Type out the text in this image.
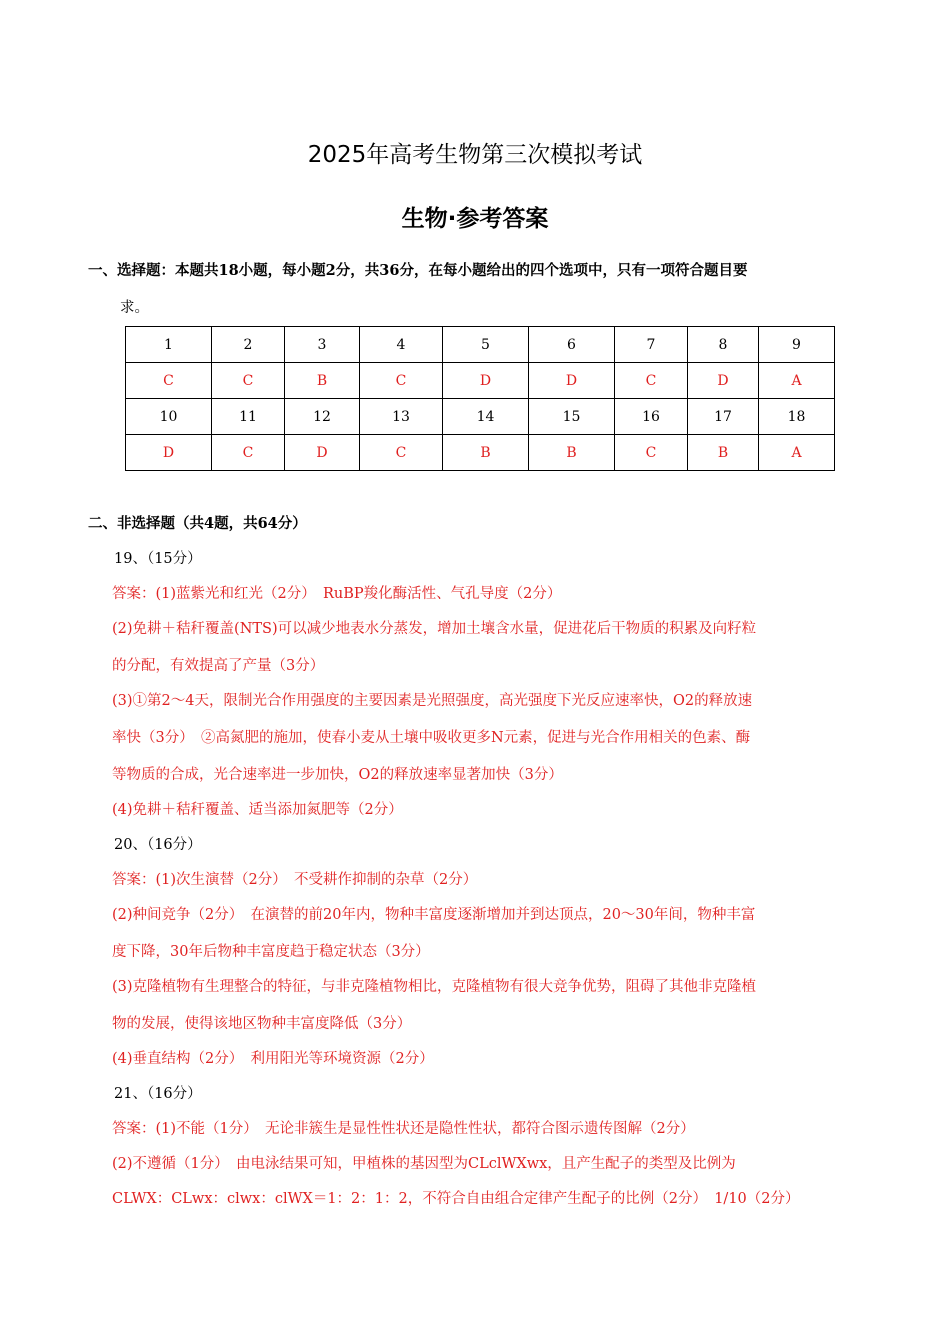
2025年高考生物第三次模拟考试
生物·参考答案
一、选择题：本题共18小题，每小题2分，共36分，在每小题给出的四个选项中，只有一项符合题目要
求。
1	2	3	4	5	6	7	8	9
C	C	B	C	D	D	C	D	A
10	11	12	13	14	15	16	17	18
D	C	D	C	B	B	C	B	A
二、非选择题（共4题，共64分）
19、（15分）
答案：(1)蓝紫光和红光（2分）　RuBP羧化酶活性、气孔导度（2分）
(2)免耕＋秸秆覆盖(NTS)可以减少地表水分蒸发，增加土壤含水量，促进花后干物质的积累及向籽粒
的分配，有效提高了产量（3分）
(3)①第2～4天，限制光合作用强度的主要因素是光照强度，高光强度下光反应速率快，O2的释放速
率快（3分）　②高氮肥的施加，使春小麦从土壤中吸收更多N元素，促进与光合作用相关的色素、酶
等物质的合成，光合速率进一步加快，O2的释放速率显著加快（3分）
(4)免耕＋秸秆覆盖、适当添加氮肥等（2分）
20、（16分）
答案：(1)次生演替（2分）　不受耕作抑制的杂草（2分）
(2)种间竞争（2分）　在演替的前20年内，物种丰富度逐渐增加并到达顶点，20～30年间，物种丰富
度下降，30年后物种丰富度趋于稳定状态（3分）
(3)克隆植物有生理整合的特征，与非克隆植物相比，克隆植物有很大竞争优势，阻碍了其他非克隆植
物的发展，使得该地区物种丰富度降低（3分）
(4)垂直结构（2分）　利用阳光等环境资源（2分）
21、（16分）
答案：(1)不能（1分）　无论非簇生是显性性状还是隐性性状，都符合图示遗传图解（2分）
(2)不遵循（1分）　由电泳结果可知，甲植株的基因型为CLclWXwx，且产生配子的类型及比例为
CLWX：CLwx：clwx：clWX＝1：2：1：2，不符合自由组合定律产生配子的比例（2分）　1/10（2分）
